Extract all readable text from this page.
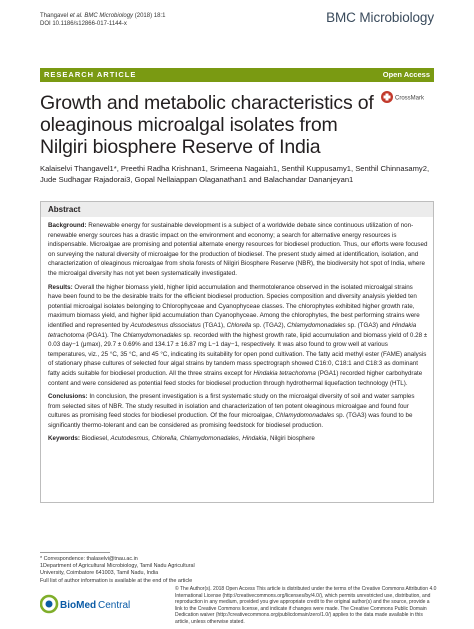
Thangavel et al. BMC Microbiology (2018) 18:1
DOI 10.1186/s12866-017-1144-x	BMC Microbiology
RESEARCH ARTICLE	Open Access
CrossMark
Growth and metabolic characteristics of oleaginous microalgal isolates from Nilgiri biosphere Reserve of India
Kalaiselvi Thangavel1*, Preethi Radha Krishnan1, Srimeena Nagaiah1, Senthil Kuppusamy1, Senthil Chinnasamy2, Jude Sudhagar Rajadorai3, Gopal Nellaiappan Olaganathan1 and Balachandar Dananjeyan1
Abstract

Background: Renewable energy for sustainable development is a subject of a worldwide debate since continuous utilization of non-renewable energy sources has a drastic impact on the environment and economy; a search for alternative energy resources is indispensable. Microalgae are promising and potential alternate energy resources for biodiesel production. Thus, our efforts were focused on surveying the natural diversity of microalgae for the production of biodiesel. The present study aimed at identification, isolation, and characterization of oleaginous microalgae from shola forests of Nilgiri Biosphere Reserve (NBR), the biodiversity hot spot of India, where the microalgal diversity has not yet been systematically investigated.

Results: Overall the higher biomass yield, higher lipid accumulation and thermotolerance observed in the isolated microalgal strains have been found to be the desirable traits for the efficient biodiesel production. Species composition and diversity analysis yielded ten potential microalgal isolates belonging to Chlorophyceae and Cyanophyceae classes. The chlorophytes exhibited higher growth rate, maximum biomass yield, and higher lipid accumulation than Cyanophyceae. Among the chlorophytes, the best performing strains were identified and represented by Acutodesmus dissociatus (TGA1), Chlorella sp. (TGA2), Chlamydomonadales sp. (TGA3) and Hindakia tetrachotoma (PGA1). The Chlamydomonadales sp. recorded with the highest growth rate, lipid accumulation and biomass yield of 0.28 ± 0.03 day−1 (μmax), 29.7 ± 0.69% and 134.17 ± 16.87 mg L−1 day−1, respectively. It was also found to grow well at various temperatures, viz., 25 °C, 35 °C, and 45 °C, indicating its suitability for open pond cultivation. The fatty acid methyl ester (FAME) analysis of stationary phase cultures of selected four algal strains by tandem mass spectrograph showed C16:0, C18:1 and C18:3 as dominant fatty acids suitable for biodiesel production. All the three strains except for Hindakia tetrachotoma (PGA1) recorded higher carbohydrate content and were considered as potential feed stocks for biodiesel production through hydrothermal liquefaction technology (HTL).

Conclusions: In conclusion, the present investigation is a first systematic study on the microalgal diversity of soil and water samples from selected sites of NBR. The study resulted in isolation and characterization of ten potent oleaginous microalgae and found four cultures as promising feed stocks for biodiesel production. Of the four microalgae, Chlamydomonadales sp. (TGA3) was found to be significantly thermo-tolerant and can be considered as promising feedstock for biodiesel production.

Keywords: Biodiesel, Acutodesmus, Chlorella, Chlamydomonadales, Hindakia, Nilgiri biosphere

* Correspondence: thalaselvi@tnau.ac.in
1Department of Agricultural Microbiology, Tamil Nadu Agricultural University, Coimbatore 641003, Tamil Nadu, India
Full list of author information is available at the end of the article
BioMed Central
© The Author(s). 2018 Open Access This article is distributed under the terms of the Creative Commons Attribution 4.0 International License (http://creativecommons.org/licenses/by/4.0/), which permits unrestricted use, distribution, and reproduction in any medium, provided you give appropriate credit to the original author(s) and the source, provide a link to the Creative Commons license, and indicate if changes were made. The Creative Commons Public Domain Dedication waiver (http://creativecommons.org/publicdomain/zero/1.0/) applies to the data made available in this article, unless otherwise stated.
